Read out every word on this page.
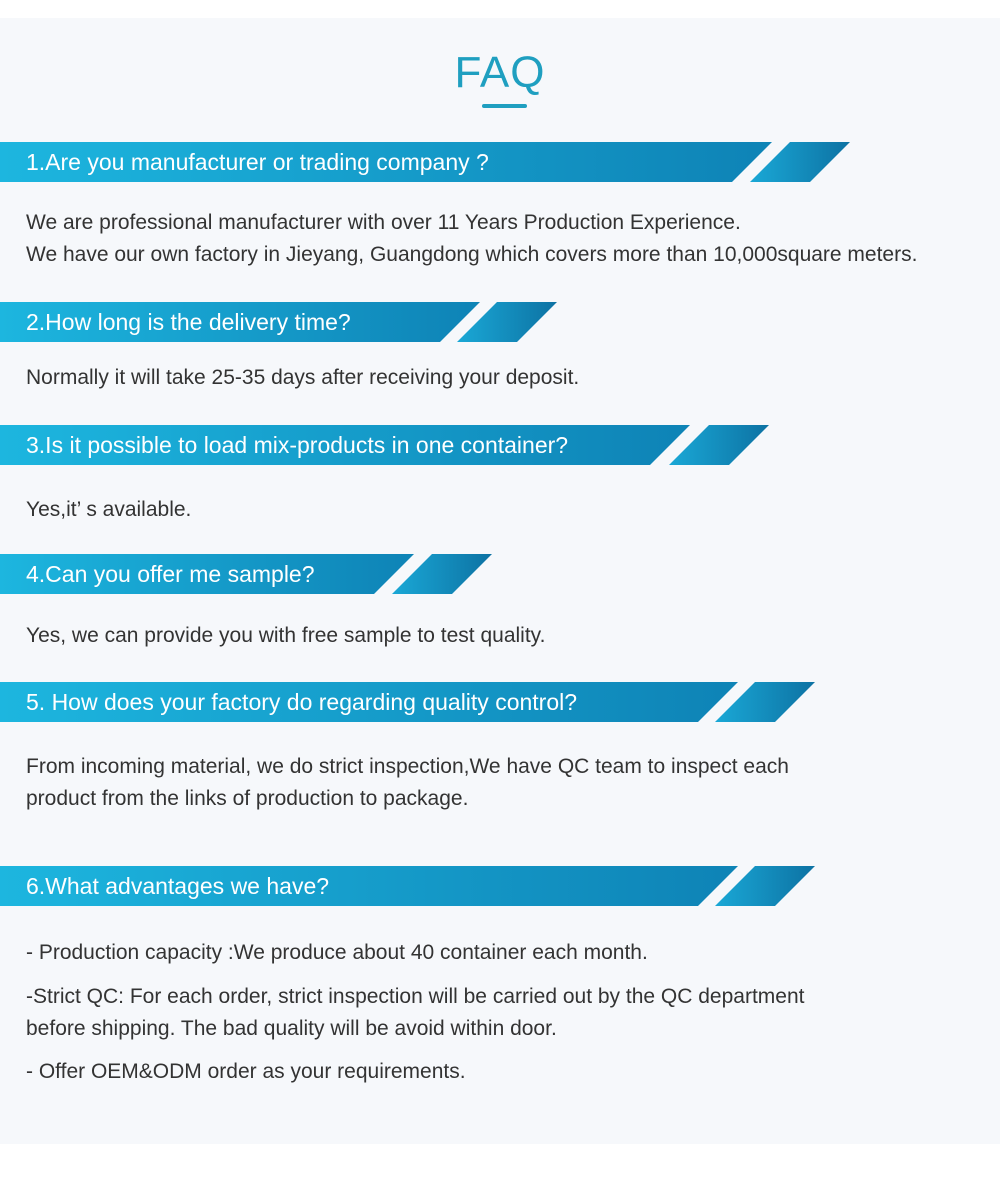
FAQ
1.Are you manufacturer or trading company ?

We are professional manufacturer with over 11 Years Production Experience.

We have our own factory in Jieyang, Guangdong which covers more than 10,000square meters.

2.How long is the delivery time?

Normally it will take 25-35 days after receiving your deposit.

3.Is it possible to load mix-products in one container?

Yes,it’ s available.

4.Can you offer me sample?

Yes, we can provide you with free sample to test quality.

5. How does your factory do regarding quality control?

From incoming material, we do strict inspection,We have QC team to inspect each

product from the links of production to package.

6.What advantages we have?

- Production capacity :We produce about 40 container each month.

-Strict QC: For each order, strict inspection will be carried out by the QC department

before shipping. The bad quality will be avoid within door.

- Offer OEM&ODM order as your requirements.
